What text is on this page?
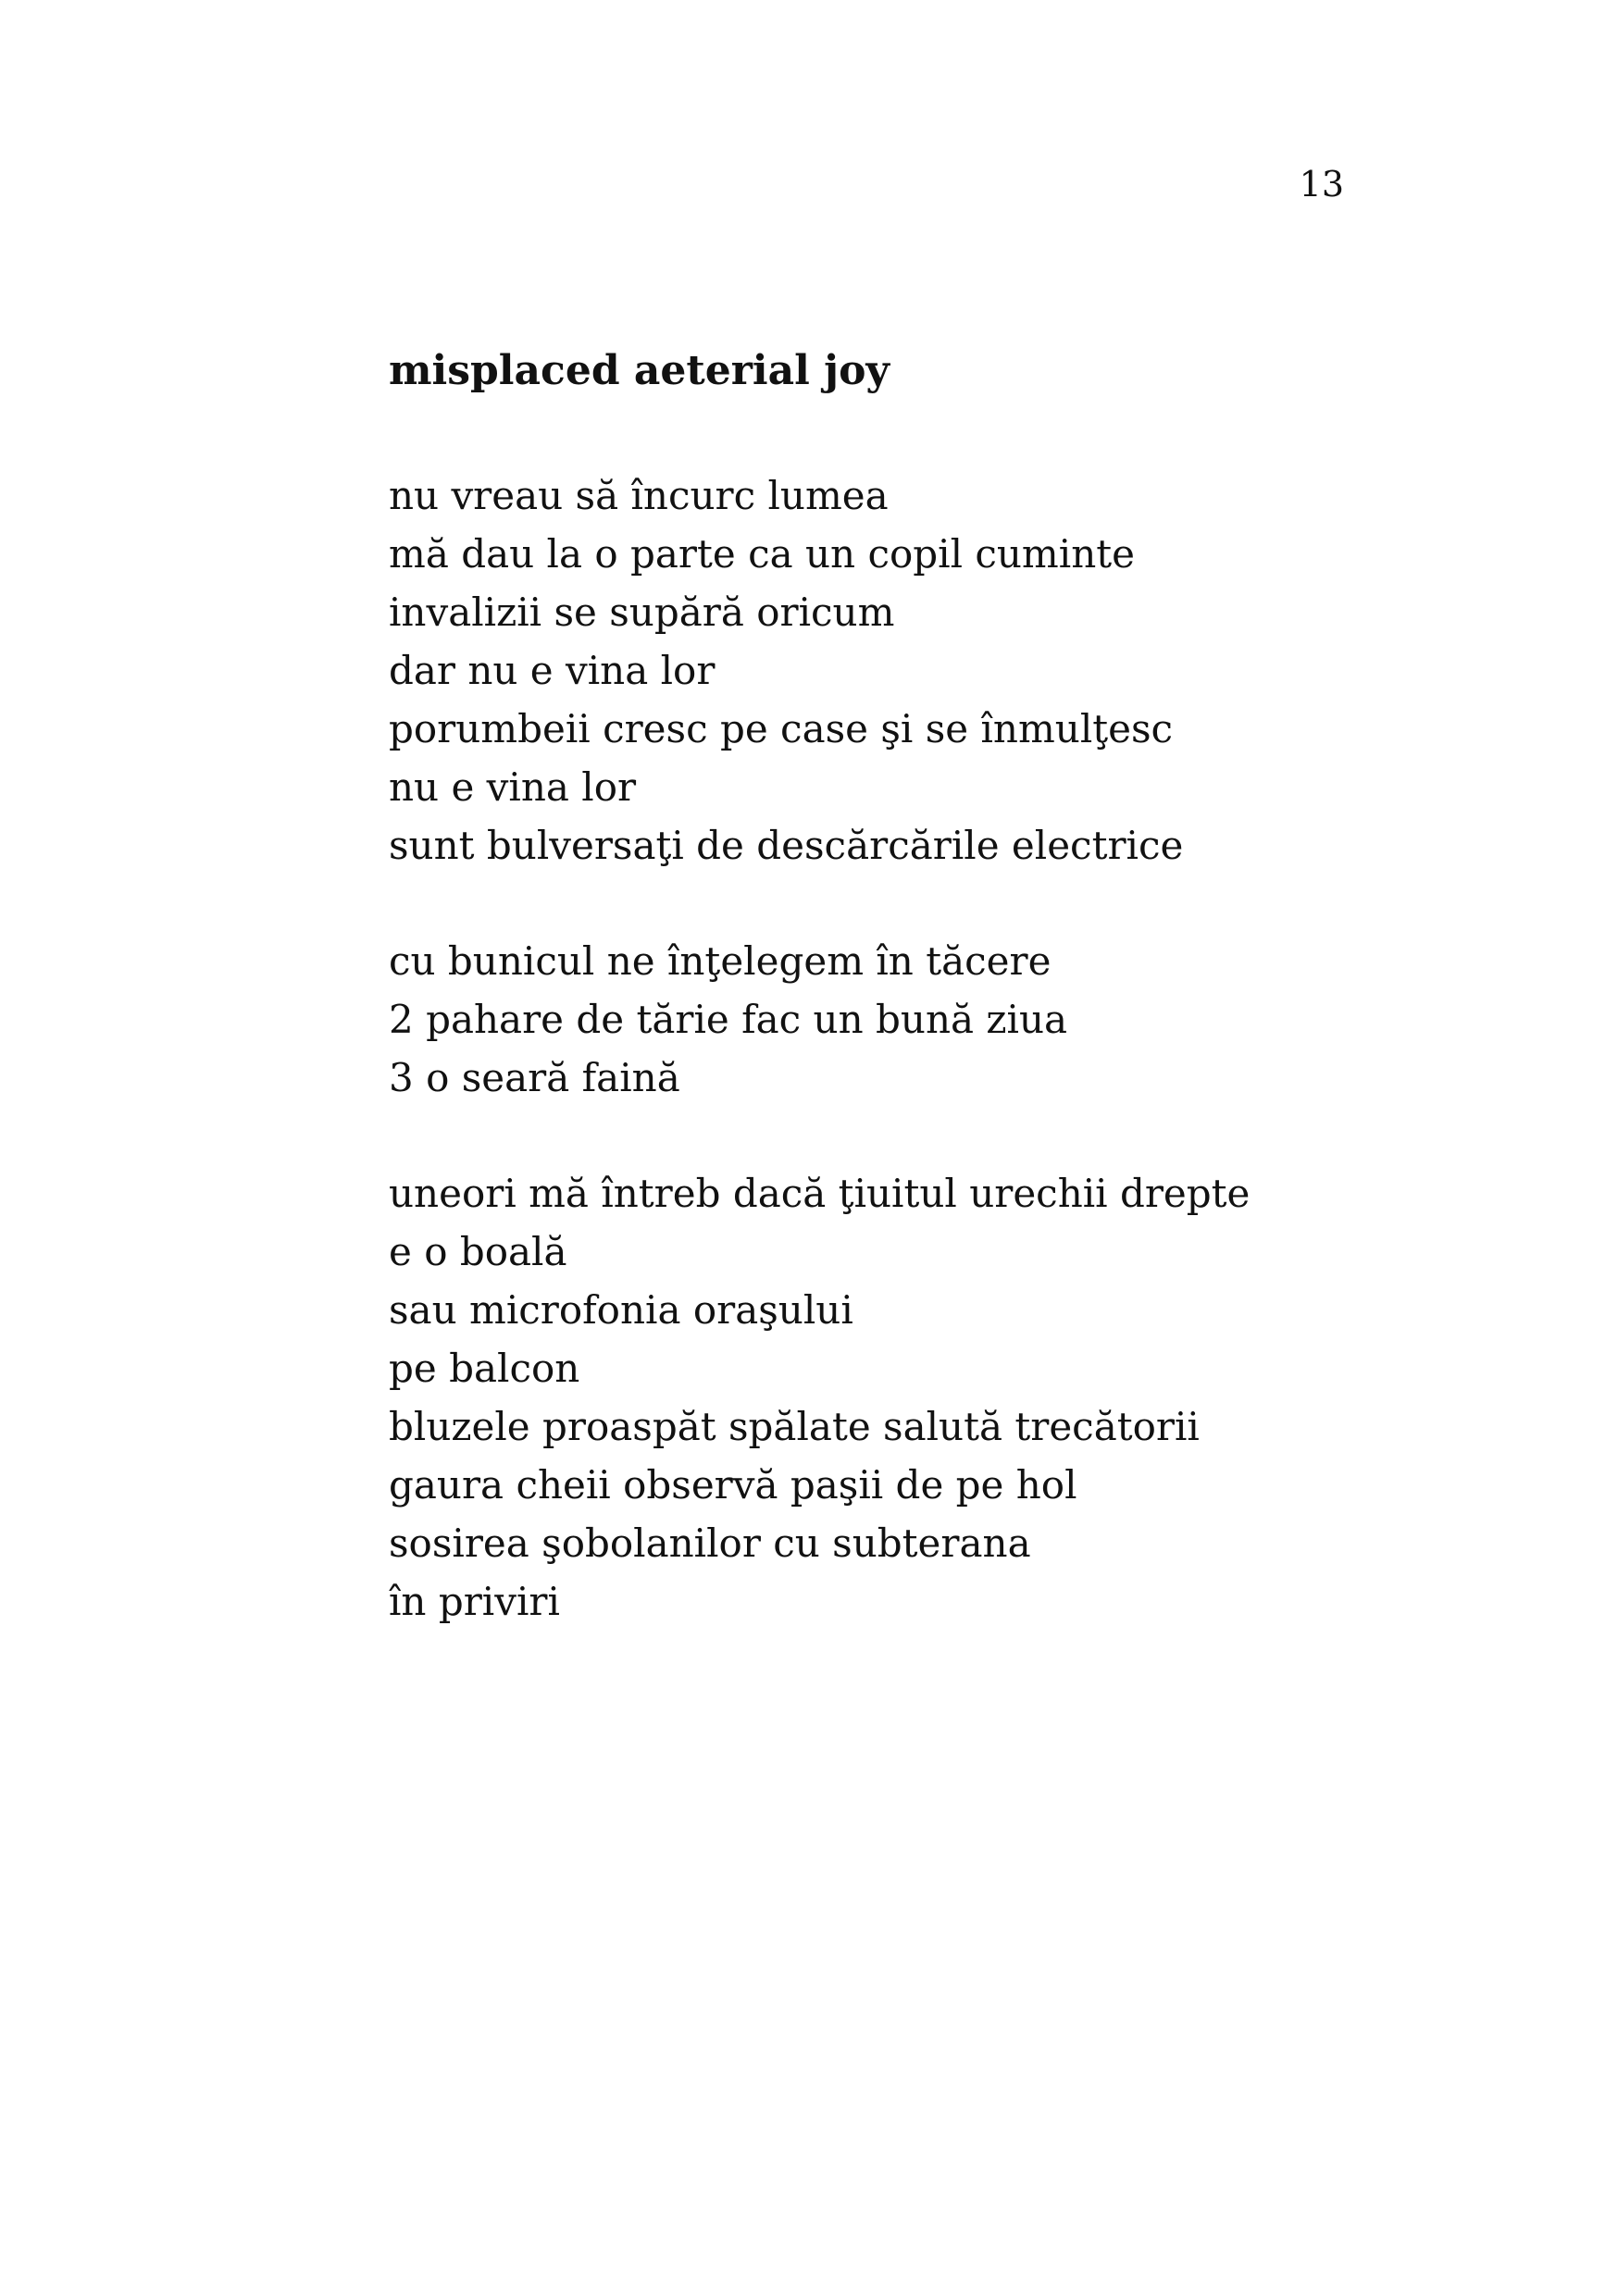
13
misplaced aeterial joy
nu vreau să încurc lumea
mă dau la o parte ca un copil cuminte
invalizii se supără oricum
dar nu e vina lor
porumbeii cresc pe case şi se înmulţesc
nu e vina lor
sunt bulversaţi de descărcările electrice
cu bunicul ne înţelegem în tăcere
2 pahare de tărie fac un bună ziua
3 o seară faină
uneori mă întreb dacă ţiuitul urechii drepte
e o boală
sau microfonia oraşului
pe balcon
bluzele proaspăt spălate salută trecătorii
gaura cheii observă paşii de pe hol
sosirea şobolanilor cu subterana
în priviri
